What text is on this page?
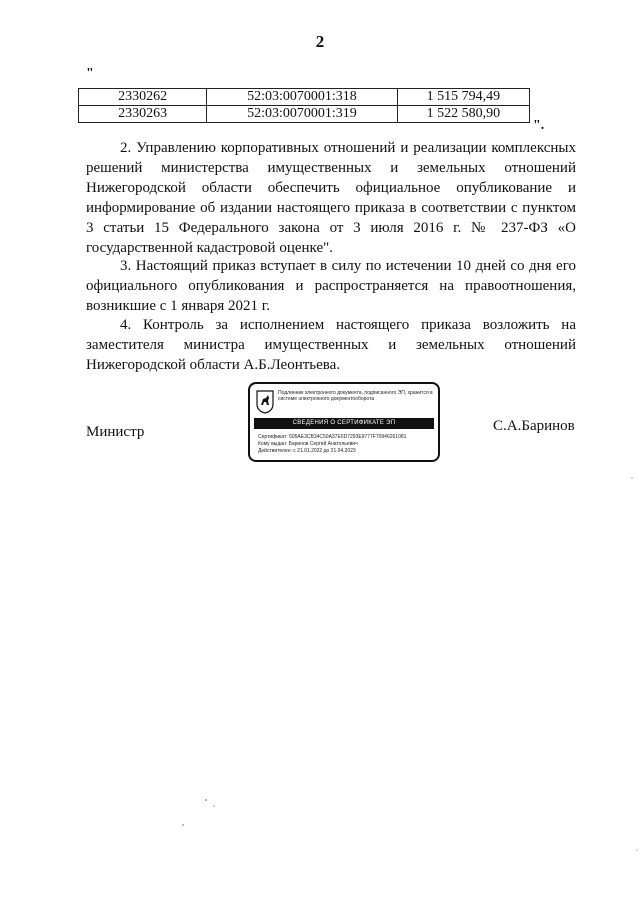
2
"
2330262	52:03:0070001:318	1 515 794,49
2330263	52:03:0070001:319	1 522 580,90
".
2. Управлению корпоративных отношений и реализации комплексных решений министерства имущественных и земельных отношений Нижегородской области обеспечить официальное опубликование и информирование об издании настоящего приказа в соответствии с пунктом 3 статьи 15 Федерального закона от 3 июля 2016 г. № 237-ФЗ «О государственной кадастровой оценке".
3. Настоящий приказ вступает в силу по истечении 10 дней со дня его официального опубликования и распространяется на правоотношения, возникшие с 1 января 2021 г.
4. Контроль за исполнением настоящего приказа возложить на заместителя министра имущественных и земельных отношений Нижегородской области А.Б.Леонтьева.
Министр
Подлинник электронного документа, подписанного ЭП, хранится в системе электронного документооборота
СВЕДЕНИЯ О СЕРТИФИКАТЕ ЭП
Сертификат: 505AE3CB34C50A37E0D7293E9777F70946261081
Кому выдан: Баринов Сергей Анатольевич
Действителен: с 21.01.2022 до 21.04.2023
С.А.Баринов
